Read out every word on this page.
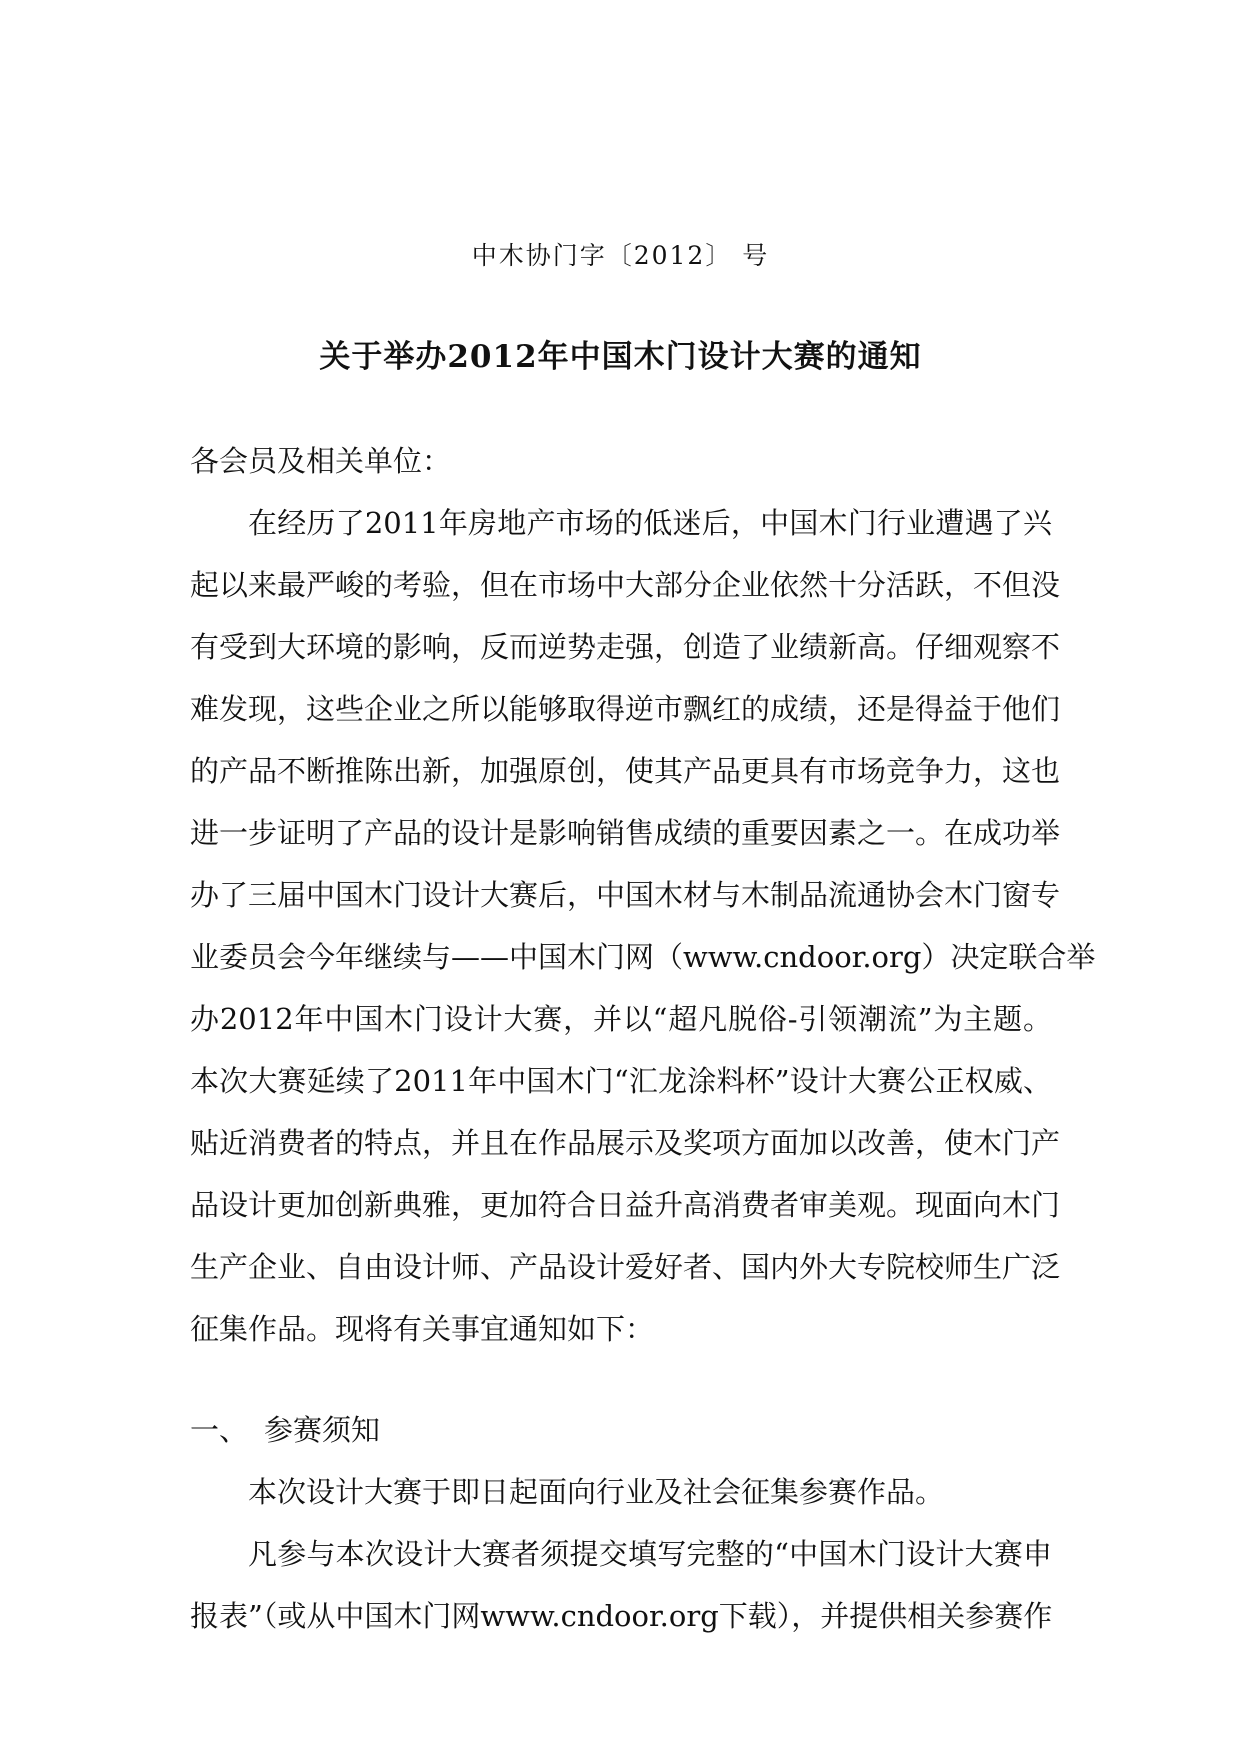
中木协门字〔2012〕 号
关于举办2012年中国木门设计大赛的通知
各会员及相关单位：
在经历了2011年房地产市场的低迷后，中国木门行业遭遇了兴
起以来最严峻的考验，但在市场中大部分企业依然十分活跃，不但没
有受到大环境的影响，反而逆势走强，创造了业绩新高。仔细观察不
难发现，这些企业之所以能够取得逆市飘红的成绩，还是得益于他们
的产品不断推陈出新，加强原创，使其产品更具有市场竞争力，这也
进一步证明了产品的设计是影响销售成绩的重要因素之一。在成功举
办了三届中国木门设计大赛后，中国木材与木制品流通协会木门窗专
业委员会今年继续与——中国木门网（www.cndoor.org）决定联合举
办2012年中国木门设计大赛，并以“超凡脱俗-引领潮流”为主题。
本次大赛延续了2011年中国木门“汇龙涂料杯”设计大赛公正权威、
贴近消费者的特点，并且在作品展示及奖项方面加以改善，使木门产
品设计更加创新典雅，更加符合日益升高消费者审美观。现面向木门
生产企业、自由设计师、产品设计爱好者、国内外大专院校师生广泛
征集作品。现将有关事宜通知如下：
一、 参赛须知
本次设计大赛于即日起面向行业及社会征集参赛作品。
凡参与本次设计大赛者须提交填写完整的“中国木门设计大赛申
报表”（或从中国木门网www.cndoor.org下载），并提供相关参赛作
